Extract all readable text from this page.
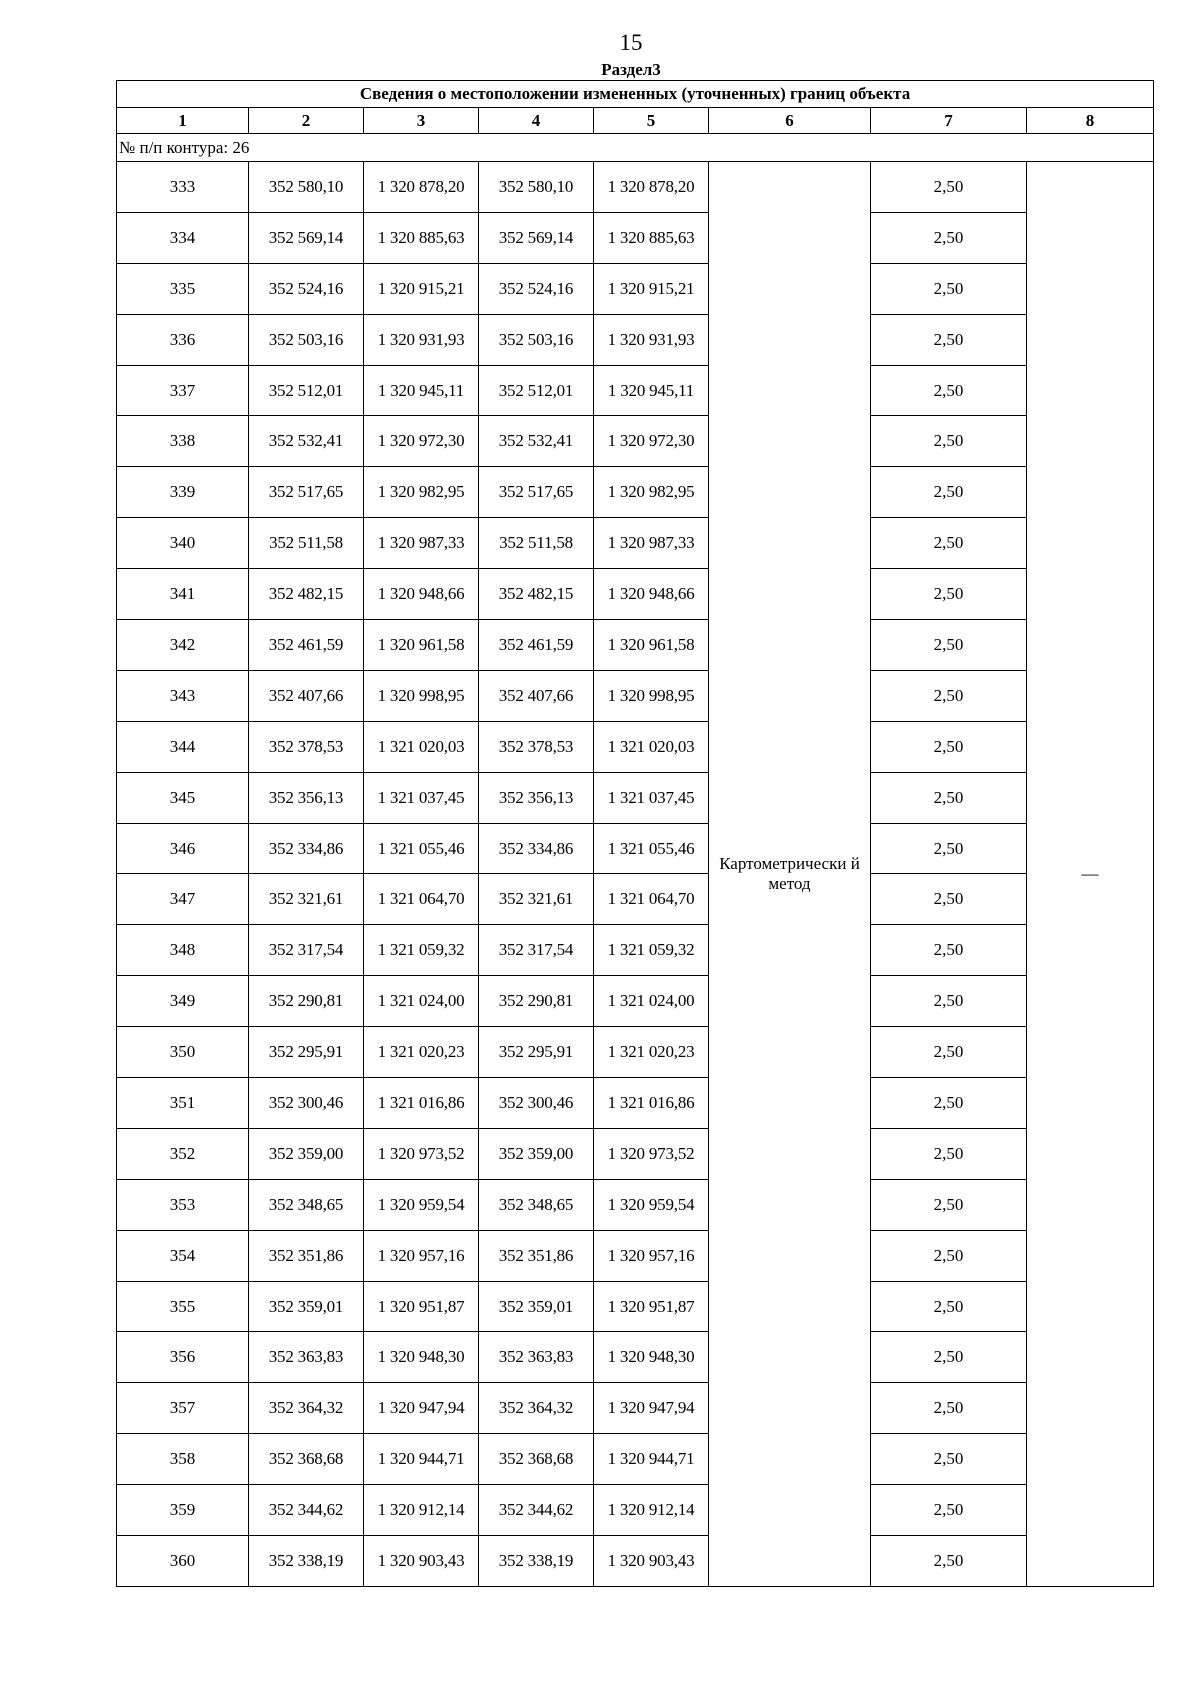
15
Раздел3
Сведения о местоположении измененных (уточненных) границ объекта							
1	2	3	4	5	6	7	8
№ п/п контура: 26							
333	352 580,10	1 320 878,20	352 580,10	1 320 878,20	Картометрически й метод	2,50	—
334	352 569,14	1 320 885,63	352 569,14	1 320 885,63		2,50	
335	352 524,16	1 320 915,21	352 524,16	1 320 915,21		2,50	
336	352 503,16	1 320 931,93	352 503,16	1 320 931,93		2,50	
337	352 512,01	1 320 945,11	352 512,01	1 320 945,11		2,50	
338	352 532,41	1 320 972,30	352 532,41	1 320 972,30		2,50	
339	352 517,65	1 320 982,95	352 517,65	1 320 982,95		2,50	
340	352 511,58	1 320 987,33	352 511,58	1 320 987,33		2,50	
341	352 482,15	1 320 948,66	352 482,15	1 320 948,66		2,50	
342	352 461,59	1 320 961,58	352 461,59	1 320 961,58		2,50	
343	352 407,66	1 320 998,95	352 407,66	1 320 998,95		2,50	
344	352 378,53	1 321 020,03	352 378,53	1 321 020,03		2,50	
345	352 356,13	1 321 037,45	352 356,13	1 321 037,45		2,50	
346	352 334,86	1 321 055,46	352 334,86	1 321 055,46		2,50	
347	352 321,61	1 321 064,70	352 321,61	1 321 064,70		2,50	
348	352 317,54	1 321 059,32	352 317,54	1 321 059,32		2,50	
349	352 290,81	1 321 024,00	352 290,81	1 321 024,00		2,50	
350	352 295,91	1 321 020,23	352 295,91	1 321 020,23		2,50	
351	352 300,46	1 321 016,86	352 300,46	1 321 016,86		2,50	
352	352 359,00	1 320 973,52	352 359,00	1 320 973,52		2,50	
353	352 348,65	1 320 959,54	352 348,65	1 320 959,54		2,50	
354	352 351,86	1 320 957,16	352 351,86	1 320 957,16		2,50	
355	352 359,01	1 320 951,87	352 359,01	1 320 951,87		2,50	
356	352 363,83	1 320 948,30	352 363,83	1 320 948,30		2,50	
357	352 364,32	1 320 947,94	352 364,32	1 320 947,94		2,50	
358	352 368,68	1 320 944,71	352 368,68	1 320 944,71		2,50	
359	352 344,62	1 320 912,14	352 344,62	1 320 912,14		2,50	
360	352 338,19	1 320 903,43	352 338,19	1 320 903,43		2,50	
